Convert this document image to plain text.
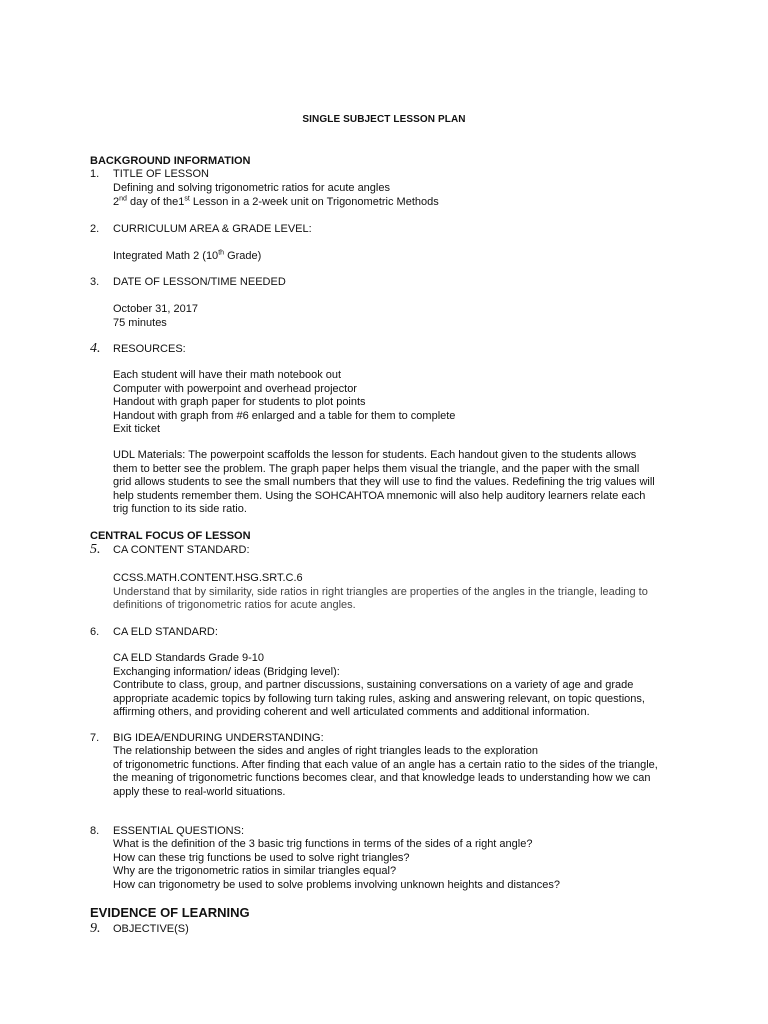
SINGLE SUBJECT LESSON PLAN
BACKGROUND INFORMATION
1. TITLE OF LESSON
Defining and solving trigonometric ratios for acute angles
2nd day of the1st Lesson in a 2-week unit on Trigonometric Methods
2. CURRICULUM AREA & GRADE LEVEL:
Integrated Math 2 (10th Grade)
3. DATE OF LESSON/TIME NEEDED
October 31, 2017
75 minutes
4. RESOURCES:
Each student will have their math notebook out
Computer with powerpoint and overhead projector
Handout with graph paper for students to plot points
Handout with graph from #6 enlarged and a table for them to complete
Exit ticket
UDL Materials: The powerpoint scaffolds the lesson for students. Each handout given to the students allows
them to better see the problem. The graph paper helps them visual the triangle, and the paper with the small
grid allows students to see the small numbers that they will use to find the values. Redefining the trig values will
help students remember them. Using the SOHCAHTOA mnemonic will also help auditory learners relate each
trig function to its side ratio.
CENTRAL FOCUS OF LESSON
5. CA CONTENT STANDARD:
CCSS.MATH.CONTENT.HSG.SRT.C.6
Understand that by similarity, side ratios in right triangles are properties of the angles in the triangle, leading to
definitions of trigonometric ratios for acute angles.
6. CA ELD STANDARD:
CA ELD Standards Grade 9-10
Exchanging information/ ideas (Bridging level):
Contribute to class, group, and partner discussions, sustaining conversations on a variety of age and grade
appropriate academic topics by following turn taking rules, asking and answering relevant, on topic questions,
affirming others, and providing coherent and well articulated comments and additional information.
7. BIG IDEA/ENDURING UNDERSTANDING:
The relationship between the sides and angles of right triangles leads to the exploration
of trigonometric functions. After finding that each value of an angle has a certain ratio to the sides of the triangle,
the meaning of trigonometric functions becomes clear, and that knowledge leads to understanding how we can
apply these to real-world situations.
8. ESSENTIAL QUESTIONS:
What is the definition of the 3 basic trig functions in terms of the sides of a right angle?
How can these trig functions be used to solve right triangles?
Why are the trigonometric ratios in similar triangles equal?
How can trigonometry be used to solve problems involving unknown heights and distances?
EVIDENCE OF LEARNING
9. OBJECTIVE(S)
